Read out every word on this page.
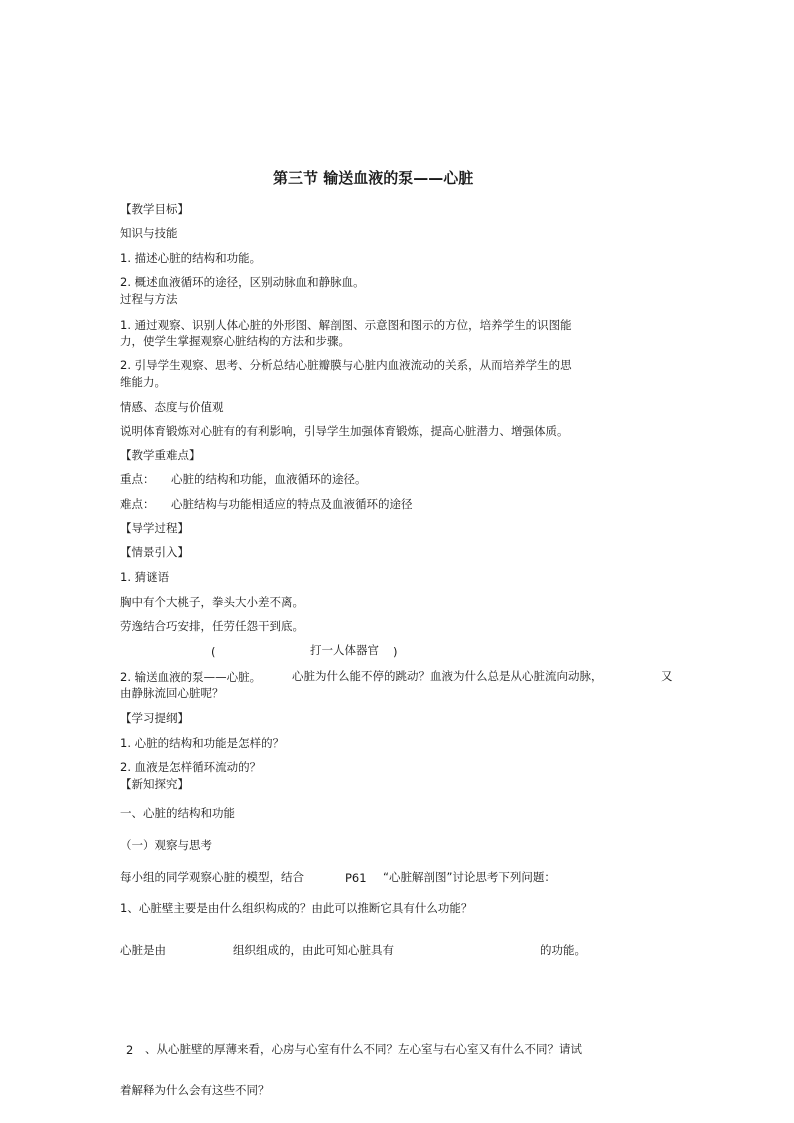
第三节 输送血液的泵——心脏
【教学目标】
知识与技能
1. 描述心脏的结构和功能。
2. 概述血液循环的途径，区别动脉血和静脉血。
过程与方法
1. 通过观察、识别人体心脏的外形图、解剖图、示意图和图示的方位，培养学生的识图能
力，使学生掌握观察心脏结构的方法和步骤。
2. 引导学生观察、思考、分析总结心脏瓣膜与心脏内血液流动的关系，从而培养学生的思
维能力。
情感、态度与价值观
说明体育锻炼对心脏有的有利影响，引导学生加强体育锻炼，提高心脏潜力、增强体质。
【教学重难点】
重点： 心脏的结构和功能，血液循环的途径。
难点： 心脏结构与功能相适应的特点及血液循环的途径
【导学过程】
【情景引入】
1. 猜谜语
胸中有个大桃子，拳头大小差不离。
劳逸结合巧安排，任劳任怨干到底。
(	打一人体器官 )
2. 输送血液的泵——心脏。	心脏为什么能不停的跳动？血液为什么总是从心脏流向动脉，	又
由静脉流回心脏呢？
【学习提纲】
1. 心脏的结构和功能是怎样的？
2. 血液是怎样循环流动的？
【新知探究】
一、心脏的结构和功能
（一）观察与思考
每小组的同学观察心脏的模型，结合	P61 “心脏解剖图”讨论思考下列问题：
1、心脏壁主要是由什么组织构成的？由此可以推断它具有什么功能？
心脏是由	组织组成的，由此可知心脏具有	的功能。
2 、从心脏壁的厚薄来看，心房与心室有什么不同？左心室与右心室又有什么不同？请试
着解释为什么会有这些不同？
